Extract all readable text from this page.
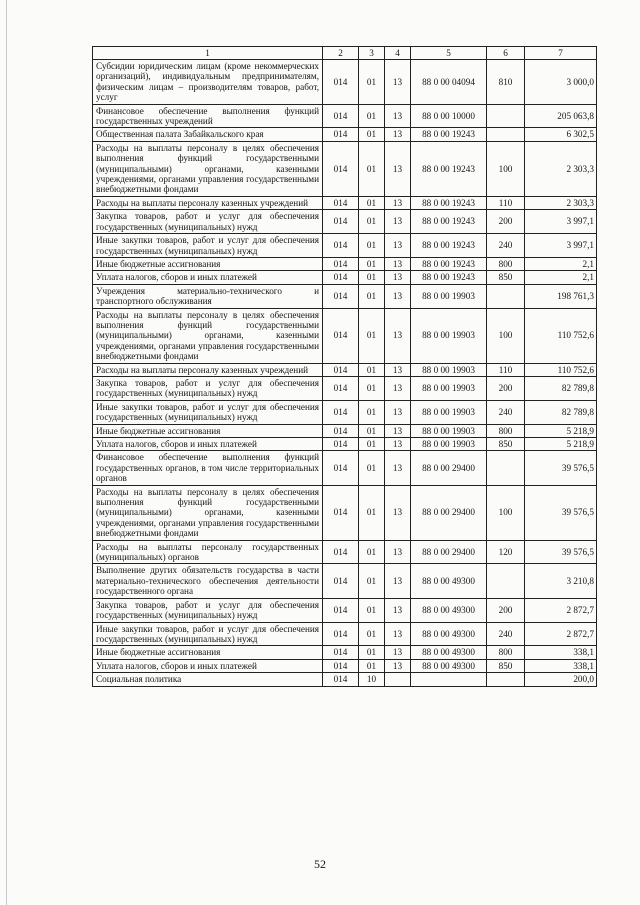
1	2	3	4	5	6	7
Субсидии юридическим лицам (кроме некоммерческих организаций), индивидуальным предпринимателям, физическим лицам – производителям товаров, работ, услуг	014	01	13	88 0 00 04094	810	3 000,0
Финансовое обеспечение выполнения функций государственных учреждений	014	01	13	88 0 00 10000		205 063,8
Общественная палата Забайкальского края	014	01	13	88 0 00 19243		6 302,5
Расходы на выплаты персоналу в целях обеспечения выполнения функций государственными (муниципальными) органами, казенными учреждениями, органами управления государственными внебюджетными фондами	014	01	13	88 0 00 19243	100	2 303,3
Расходы на выплаты персоналу казенных учреждений	014	01	13	88 0 00 19243	110	2 303,3
Закупка товаров, работ и услуг для обеспечения государственных (муниципальных) нужд	014	01	13	88 0 00 19243	200	3 997,1
Иные закупки товаров, работ и услуг для обеспечения государственных (муниципальных) нужд	014	01	13	88 0 00 19243	240	3 997,1
Иные бюджетные ассигнования	014	01	13	88 0 00 19243	800	2,1
Уплата налогов, сборов и иных платежей	014	01	13	88 0 00 19243	850	2,1
Учреждения материально-технического и транспортного обслуживания	014	01	13	88 0 00 19903		198 761,3
Расходы на выплаты персоналу в целях обеспечения выполнения функций государственными (муниципальными) органами, казенными учреждениями, органами управления государственными внебюджетными фондами	014	01	13	88 0 00 19903	100	110 752,6
Расходы на выплаты персоналу казенных учреждений	014	01	13	88 0 00 19903	110	110 752,6
Закупка товаров, работ и услуг для обеспечения государственных (муниципальных) нужд	014	01	13	88 0 00 19903	200	82 789,8
Иные закупки товаров, работ и услуг для обеспечения государственных (муниципальных) нужд	014	01	13	88 0 00 19903	240	82 789,8
Иные бюджетные ассигнования	014	01	13	88 0 00 19903	800	5 218,9
Уплата налогов, сборов и иных платежей	014	01	13	88 0 00 19903	850	5 218,9
Финансовое обеспечение выполнения функций государственных органов, в том числе территориальных органов	014	01	13	88 0 00 29400		39 576,5
Расходы на выплаты персоналу в целях обеспечения выполнения функций государственными (муниципальными) органами, казенными учреждениями, органами управления государственными внебюджетными фондами	014	01	13	88 0 00 29400	100	39 576,5
Расходы на выплаты персоналу государственных (муниципальных) органов	014	01	13	88 0 00 29400	120	39 576,5
Выполнение других обязательств государства в части материально-технического обеспечения деятельности государственного органа	014	01	13	88 0 00 49300		3 210,8
Закупка товаров, работ и услуг для обеспечения государственных (муниципальных) нужд	014	01	13	88 0 00 49300	200	2 872,7
Иные закупки товаров, работ и услуг для обеспечения государственных (муниципальных) нужд	014	01	13	88 0 00 49300	240	2 872,7
Иные бюджетные ассигнования	014	01	13	88 0 00 49300	800	338,1
Уплата налогов, сборов и иных платежей	014	01	13	88 0 00 49300	850	338,1
Социальная политика	014	10				200,0
52
